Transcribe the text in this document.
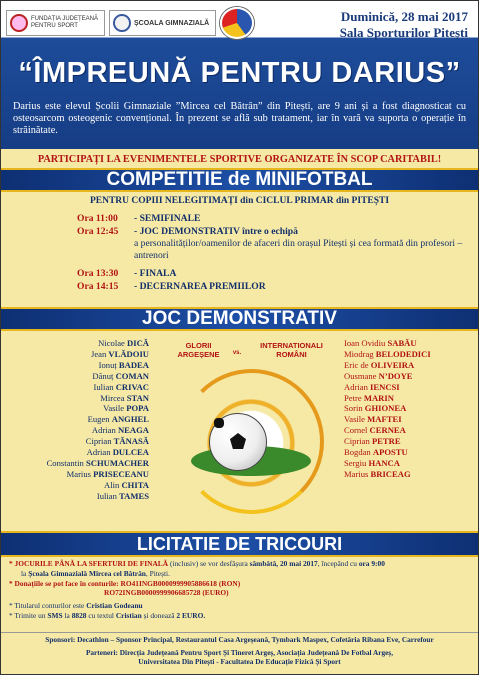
FUNDAȚIA JUDEȚEANĂ PENTRU SPORT	ȘCOALA GIMNAZIALĂ	Duminică, 28 mai 2017
Sala Sporturilor Pitești
“ÎMPREUNĂ PENTRU DARIUS”
Darius este elevul Școlii Gimnaziale ”Mircea cel Bătrân” din Pitești, are 9 ani și a fost diagnosticat cu osteosarcom osteogenic convențional. În prezent se află sub tratament, iar în vară va suporta o operație în străinătate.
PARTICIPAȚI LA EVENIMENTELE SPORTIVE ORGANIZATE ÎN SCOP CARITABIL!
COMPETITIE de MINIFOTBAL
PENTRU COPIII NELEGITIMAȚI din CICLUL PRIMAR din PITEȘTI
Ora 11:00	- SEMIFINALE
Ora 12:45	- JOC DEMONSTRATIV între o echipă
a personalităților/oamenilor de afaceri din orașul Pitești și cea formată din profesori – antrenori
Ora 13:30	- FINALA
Ora 14:15	- DECERNAREA PREMIILOR
JOC DEMONSTRATIV
Nicolae DICĂ
Jean VLĂDOIU
Ionuț BADEA
Dănuț COMAN
Iulian CRIVAC
Mircea STAN
Vasile POPA
Eugen ANGHEL
Adrian NEAGA
Ciprian TĂNASĂ
Adrian DULCEA
Constantin SCHUMACHER
Marius PRISECEANU
Alin CHITA
Iulian TAMES
GLORII ARGEȘENE	vs.
INTERNATIONALI ROMÂNI
Ioan Ovidiu SABĂU
Miodrag BELODEDICI
Eric de OLIVEIRA
Ousmane N’DOYE
Adrian IENCSI
Petre MARIN
Sorin GHIONEA
Vasile MAFTEI
Cornel CERNEA
Ciprian PETRE
Bogdan APOSTU
Sergiu HANCA
Marius BRICEAG
LICITATIE DE TRICOURI
* JOCURILE PÂNĂ LA SFERTURI DE FINALĂ (inclusiv) se vor desfășura sâmbătă, 20 mai 2017, începând cu ora 9:00
la Școala Gimnazială Mircea cel Bătrân, Pitești.
* Donațiile se pot face în conturile: RO41INGB0000999905886618 (RON)
RO72INGB0000999906685728 (EURO)
* Titularul conturilor este Cristian Godeanu
* Trimite un SMS la 8828 cu textul Cristian și donează 2 EURO.
Sponsori: Decathlon – Sponsor Principal, Restaurantul Casa Argeșeană, Tymbark Maspex, Cofetăria Ribana Eve, Carrefour
Parteneri: Direcția Județeană Pentru Sport Și Tineret Argeș, Asociația Județeană De Fotbal Argeș,
Universitatea Din Pitești - Facultatea De Educație Fizică Și Sport
